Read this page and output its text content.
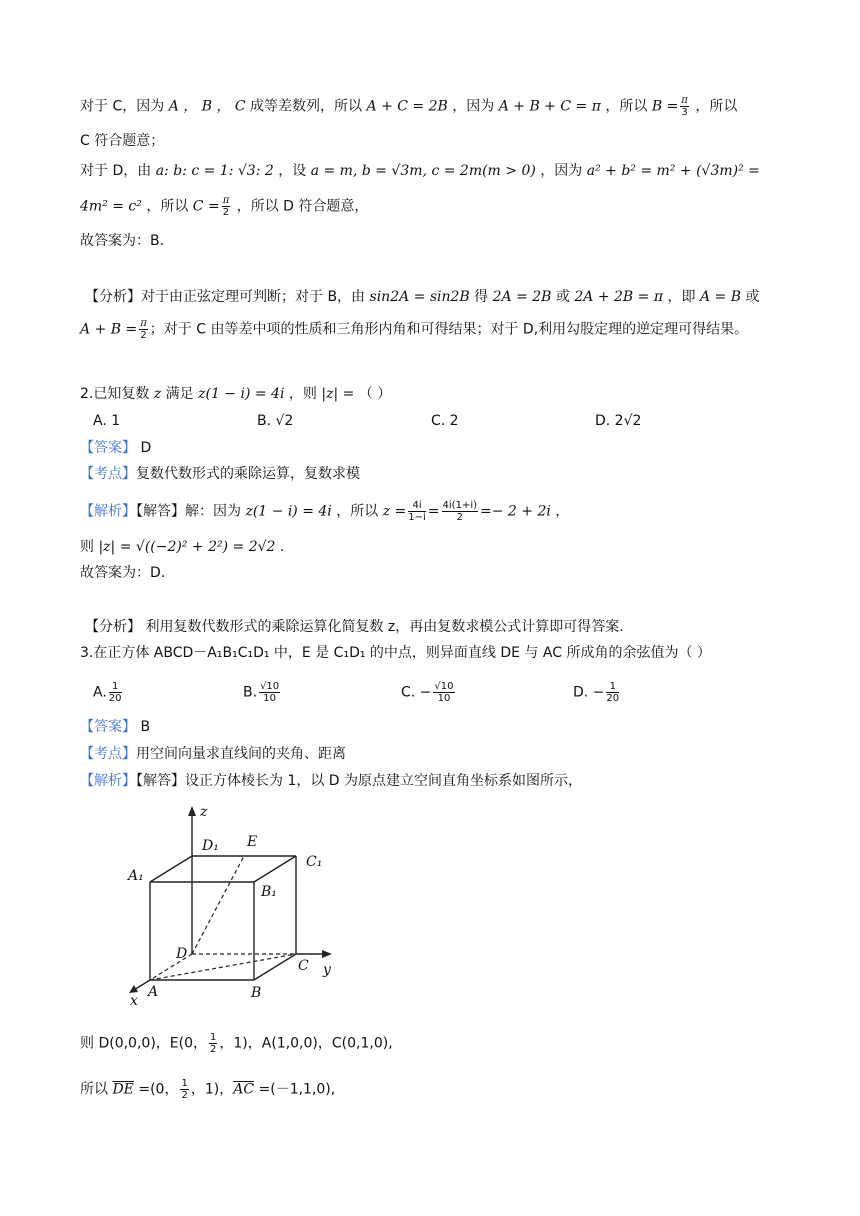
对于 C，因为 A ， B ， C 成等差数列，所以 A + C = 2B ，因为 A + B + C = π ，所以 $B = \frac{\pi}{3}$ ，所以
C 符合题意；
对于 D，由 a: b: c = 1: √3: 2 ，设 a = m, b = √3m, c = 2m(m > 0) ，因为 a² + b² = m² + (√3m)² =
4m² = c² ，所以 $C = \frac{\pi}{2}$ ，所以 D 符合题意，
故答案为：B.
【分析】对于由正弦定理可判断；对于 B，由 sin2A = sin2B 得 2A = 2B 或 2A + 2B = π ，即 A = B 或
$A + B = \frac{\pi}{2}$ ；对于 C 由等差中项的性质和三角形内角和可得结果；对于 D,利用勾股定理的逆定理可得结果。
2.已知复数 z 满足 z(1 − i) = 4i ，则 |z| = （ ）
A. 1	B. √2	C. 2	D. 2√2
【答案】 D
【考点】复数代数形式的乘除运算，复数求模
【解析】【解答】解：因为 z(1 − i) = 4i ，所以 $z = \frac{4i}{1-i} = \frac{4i(1+i)}{2} =- 2 + 2i$ ，
则 |z| = √((−2)² + 2²) = 2√2 .
故答案为：D.
【分析】 利用复数代数形式的乘除运算化简复数 z，再由复数求模公式计算即可得答案.
3.在正方体 ABCD－A₁B₁C₁D₁ 中，E 是 C₁D₁ 的中点，则异面直线 DE 与 AC 所成角的余弦值为（ ）
A. $\frac{1}{20}$	B. $\frac{√10}{10}$	C. − $\frac{√10}{10}$	D. − $\frac{1}{20}$
【答案】 B
【考点】用空间向量求直线间的夹角、距离
【解析】【解答】设正方体棱长为 1，以 D 为原点建立空间直角坐标系如图所示，
z
D₁ E
C₁
A₁
B₁
D
C y
A	B
x
则 D(0,0,0)，E(0， $\frac{1}{2}$ ，1)，A(1,0,0)，C(0,1,0),
所以 $\overline{DE} =(0$， $\frac{1}{2}$ ，1)，$\overline{AC} =(-1,1,0)$,
